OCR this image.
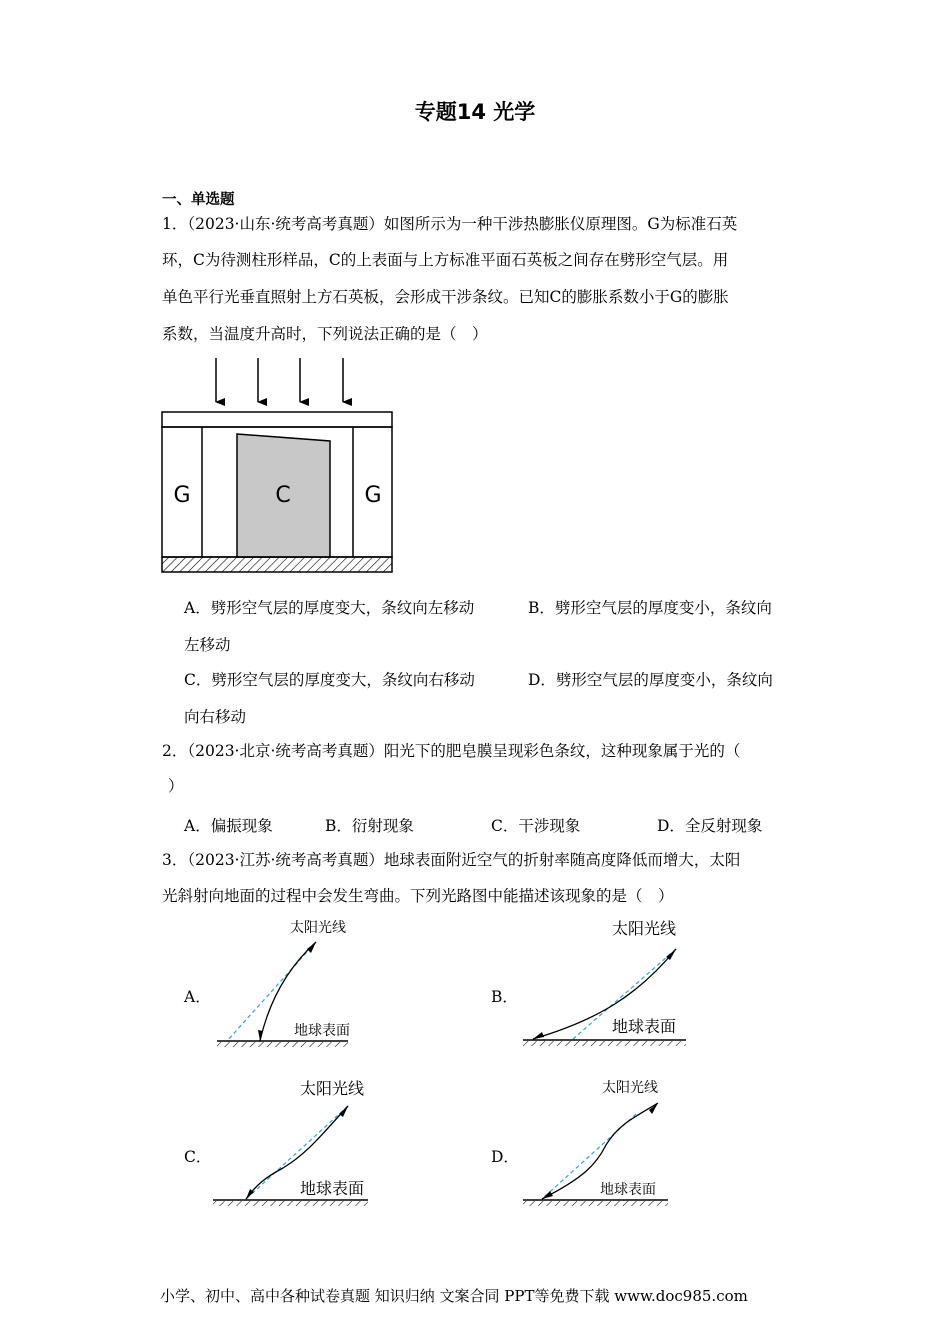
专题14 光学
一、单选题
1．（2023·山东·统考高考真题）如图所示为一种干涉热膨胀仪原理图。G为标准石英
环，C为待测柱形样品，C的上表面与上方标准平面石英板之间存在劈形空气层。用
单色平行光垂直照射上方石英板，会形成干涉条纹。已知C的膨胀系数小于G的膨胀
系数，当温度升高时，下列说法正确的是（　）
G	C	G
A．劈形空气层的厚度变大，条纹向左移动	B．劈形空气层的厚度变小，条纹向
左移动
C．劈形空气层的厚度变大，条纹向右移动	D．劈形空气层的厚度变小，条纹向
向右移动
2．（2023·北京·统考高考真题）阳光下的肥皂膜呈现彩色条纹，这种现象属于光的（
）
A．偏振现象	B．衍射现象	C．干涉现象	D．全反射现象
3．（2023·江苏·统考高考真题）地球表面附近空气的折射率随高度降低而增大，太阳
光斜射向地面的过程中会发生弯曲。下列光路图中能描述该现象的是（　）
A．	B．
C．	D．
太阳光线
地球表面
太阳光线
地球表面
太阳光线
地球表面
太阳光线
地球表面
小学、初中、高中各种试卷真题 知识归纳 文案合同 PPT等免费下载 www.doc985.com
